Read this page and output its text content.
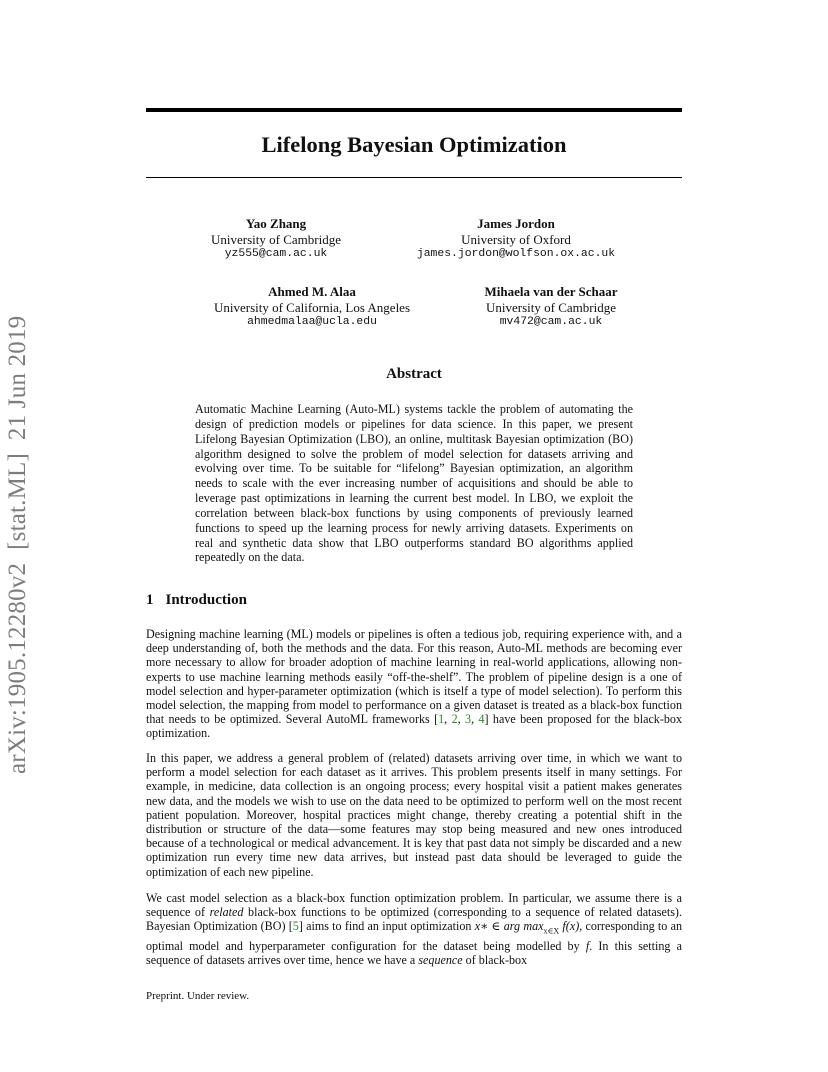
arXiv:1905.12280v2  [stat.ML]  21 Jun 2019
Lifelong Bayesian Optimization
Yao Zhang
University of Cambridge
yz555@cam.ac.uk
James Jordon
University of Oxford
james.jordon@wolfson.ox.ac.uk
Ahmed M. Alaa
University of California, Los Angeles
ahmedmalaa@ucla.edu
Mihaela van der Schaar
University of Cambridge
mv472@cam.ac.uk
Abstract

Automatic Machine Learning (Auto-ML) systems tackle the problem of automating the design of prediction models or pipelines for data science. In this paper, we present Lifelong Bayesian Optimization (LBO), an online, multitask Bayesian optimization (BO) algorithm designed to solve the problem of model selection for datasets arriving and evolving over time. To be suitable for “lifelong” Bayesian optimization, an algorithm needs to scale with the ever increasing number of acquisitions and should be able to leverage past optimizations in learning the current best model. In LBO, we exploit the correlation between black-box functions by using components of previously learned functions to speed up the learning process for newly arriving datasets. Experiments on real and synthetic data show that LBO outperforms standard BO algorithms applied repeatedly on the data.

1 Introduction

Designing machine learning (ML) models or pipelines is often a tedious job, requiring experience with, and a deep understanding of, both the methods and the data. For this reason, Auto-ML methods are becoming ever more necessary to allow for broader adoption of machine learning in real-world applications, allowing non-experts to use machine learning methods easily “off-the-shelf”. The problem of pipeline design is a one of model selection and hyper-parameter optimization (which is itself a type of model selection). To perform this model selection, the mapping from model to performance on a given dataset is treated as a black-box function that needs to be optimized. Several AutoML frameworks [1, 2, 3, 4] have been proposed for the black-box optimization.

In this paper, we address a general problem of (related) datasets arriving over time, in which we want to perform a model selection for each dataset as it arrives. This problem presents itself in many settings. For example, in medicine, data collection is an ongoing process; every hospital visit a patient makes generates new data, and the models we wish to use on the data need to be optimized to perform well on the most recent patient population. Moreover, hospital practices might change, thereby creating a potential shift in the distribution or structure of the data—some features may stop being measured and new ones introduced because of a technological or medical advancement. It is key that past data not simply be discarded and a new optimization run every time new data arrives, but instead past data should be leveraged to guide the optimization of each new pipeline.

We cast model selection as a black-box function optimization problem. In particular, we assume there is a sequence of related black-box functions to be optimized (corresponding to a sequence of related datasets). Bayesian Optimization (BO) [5] aims to find an input optimization x∗ ∈ arg $\max_{x\in X} f(x)$, corresponding to an optimal model and hyperparameter configuration for the dataset being modelled by f. In this setting a sequence of datasets arrives over time, hence we have a sequence of black-box

Preprint. Under review.
